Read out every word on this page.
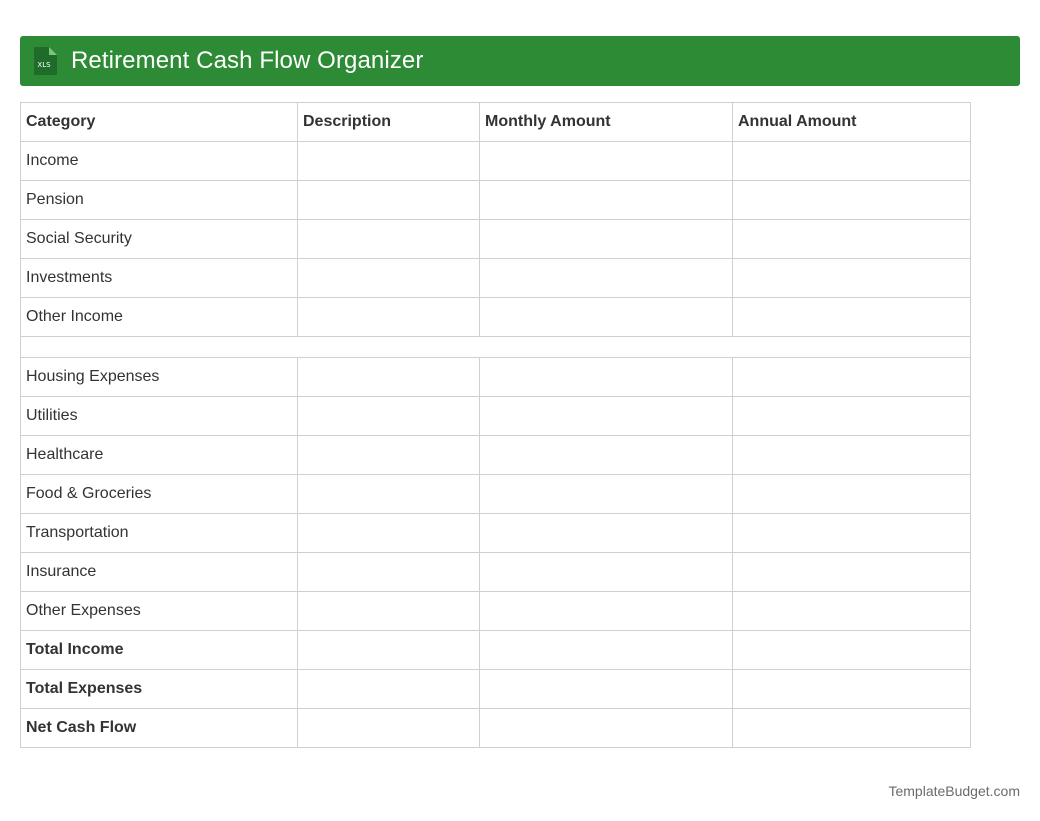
XLS Retirement Cash Flow Organizer
Category	Description	Monthly Amount	Annual Amount
Income			
Pension			
Social Security			
Investments			
Other Income			

Housing Expenses			
Utilities			
Healthcare			
Food & Groceries			
Transportation			
Insurance			
Other Expenses			
Total Income			
Total Expenses			
Net Cash Flow			
TemplateBudget.com
